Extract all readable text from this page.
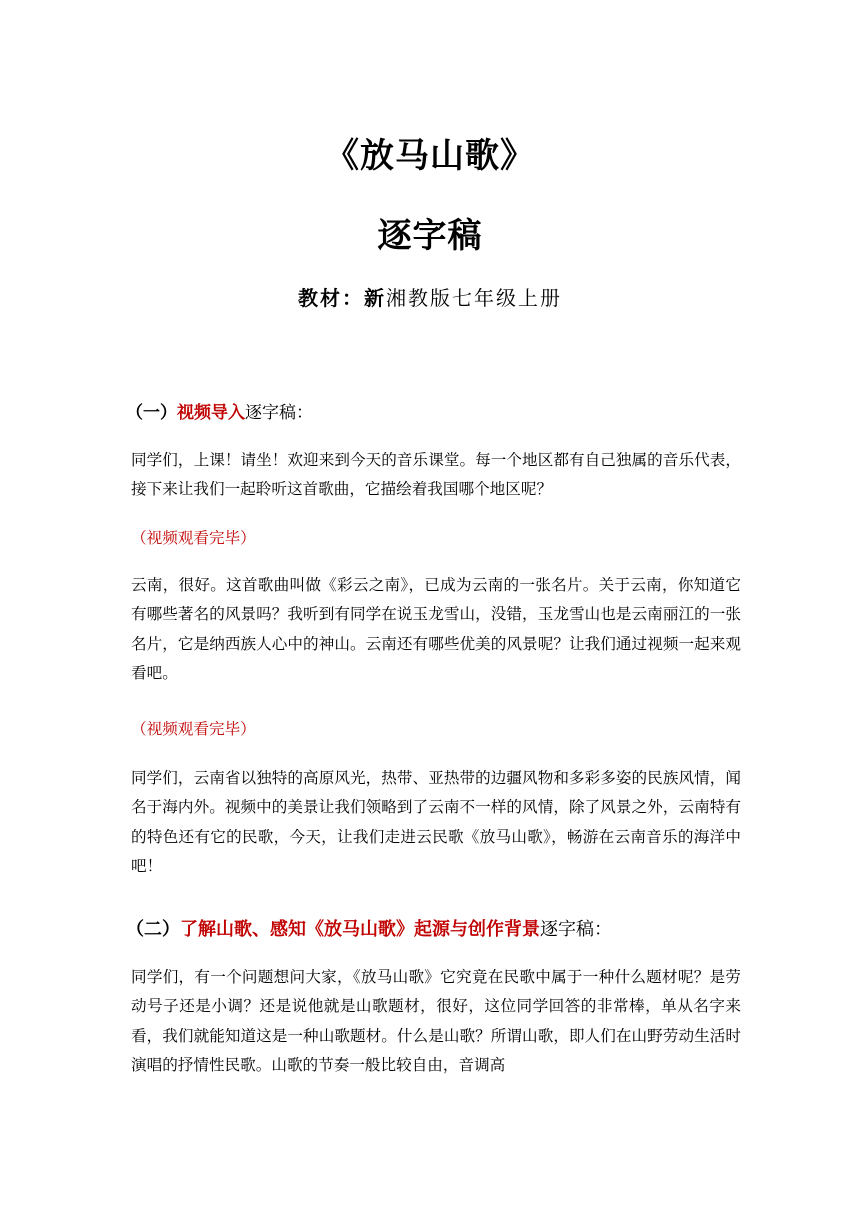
《放马山歌》
逐字稿
教材：新湘教版七年级上册
（一）视频导入逐字稿：
同学们，上课！请坐！欢迎来到今天的音乐课堂。每一个地区都有自己独属的音乐代表，接下来让我们一起聆听这首歌曲，它描绘着我国哪个地区呢？
（视频观看完毕）
云南，很好。这首歌曲叫做《彩云之南》，已成为云南的一张名片。关于云南，你知道它有哪些著名的风景吗？我听到有同学在说玉龙雪山，没错，玉龙雪山也是云南丽江的一张名片，它是纳西族人心中的神山。云南还有哪些优美的风景呢？让我们通过视频一起来观看吧。
（视频观看完毕）
同学们，云南省以独特的高原风光，热带、亚热带的边疆风物和多彩多姿的民族风情，闻名于海内外。视频中的美景让我们领略到了云南不一样的风情，除了风景之外，云南特有的特色还有它的民歌，今天，让我们走进云民歌《放马山歌》，畅游在云南音乐的海洋中吧！
（二）了解山歌、感知《放马山歌》起源与创作背景逐字稿：
同学们，有一个问题想问大家，《放马山歌》它究竟在民歌中属于一种什么题材呢？是劳动号子还是小调？还是说他就是山歌题材，很好，这位同学回答的非常棒，单从名字来看，我们就能知道这是一种山歌题材。什么是山歌？所谓山歌，即人们在山野劳动生活时演唱的抒情性民歌。山歌的节奏一般比较自由，音调高
